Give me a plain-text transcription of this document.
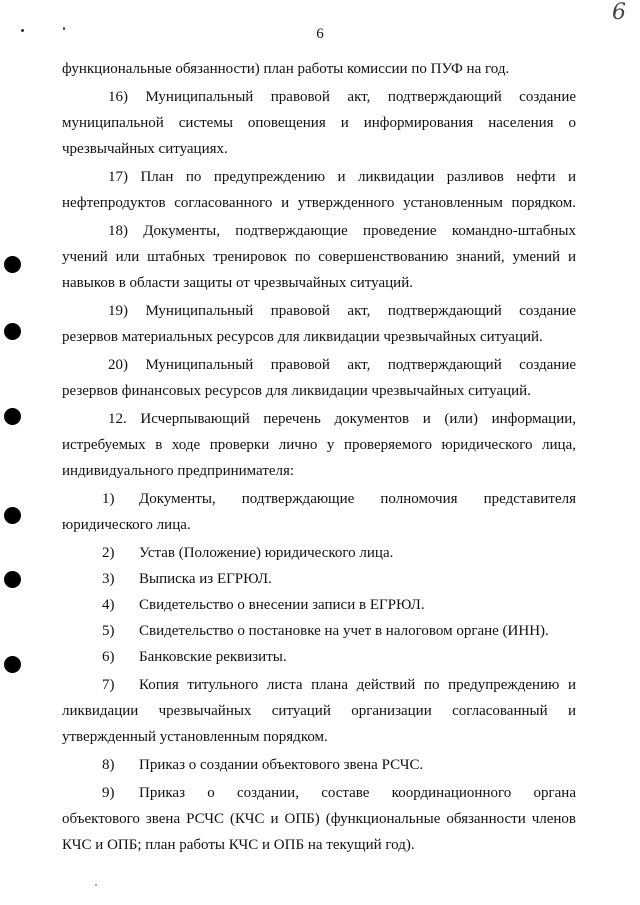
6
6
функциональные обязанности) план работы комиссии по ПУФ на год.
16) Муниципальный правовой акт, подтверждающий создание
муниципальной системы оповещения и информирования населения о
чрезвычайных ситуациях.
17) План по предупреждению и ликвидации разливов нефти и
нефтепродуктов согласованного и утвержденного установленным порядком.
18) Документы, подтверждающие проведение командно-штабных
учений или штабных тренировок по совершенствованию знаний, умений и
навыков в области защиты от чрезвычайных ситуаций.
19) Муниципальный правовой акт, подтверждающий создание
резервов материальных ресурсов для ликвидации чрезвычайных ситуаций.
20) Муниципальный правовой акт, подтверждающий создание
резервов финансовых ресурсов для ликвидации чрезвычайных ситуаций.
12. Исчерпывающий перечень документов и (или) информации,
истребуемых в ходе проверки лично у проверяемого юридического лица,
индивидуального предпринимателя:
1) Документы, подтверждающие полномочия представителя
юридического лица.
2) Устав (Положение) юридического лица.
3) Выписка из ЕГРЮЛ.
4) Свидетельство о внесении записи в ЕГРЮЛ.
5) Свидетельство о постановке на учет в налоговом органе (ИНН).
6) Банковские реквизиты.
7) Копия титульного листа плана действий по предупреждению и
ликвидации чрезвычайных ситуаций организации согласованный и
утвержденный установленным порядком.
8) Приказ о создании объектового звена РСЧС.
9) Приказ о создании, составе координационного органа
объектового звена РСЧС (КЧС и ОПБ) (функциональные обязанности членов
КЧС и ОПБ; план работы КЧС и ОПБ на текущий год).
